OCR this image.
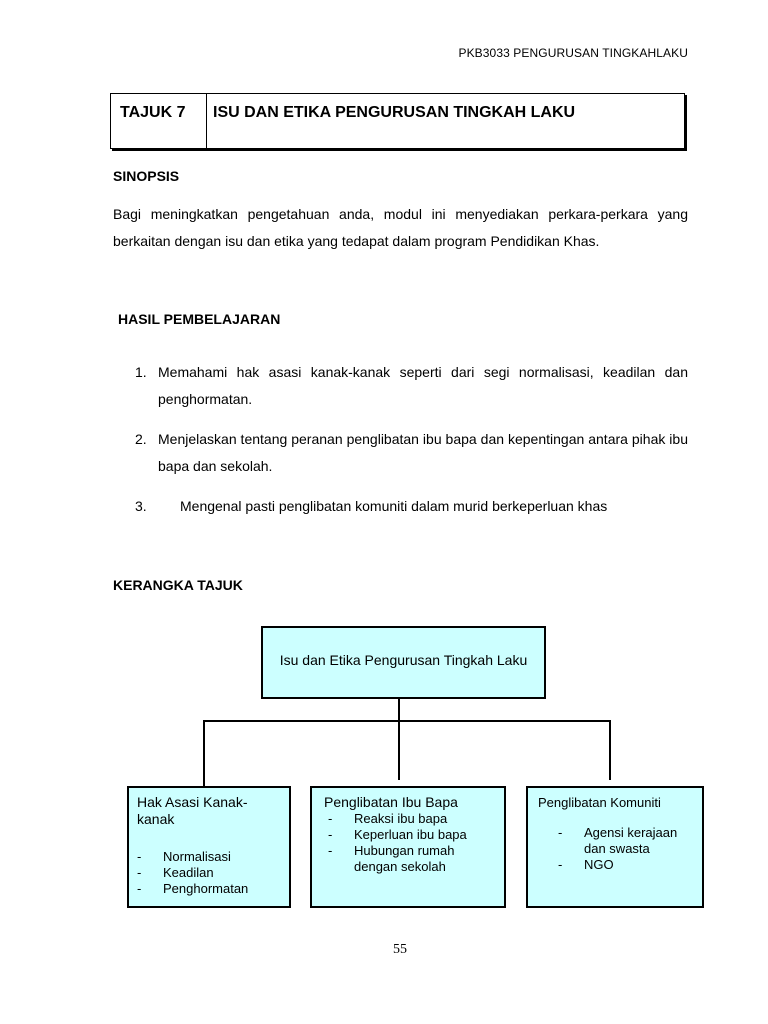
PKB3033 PENGURUSAN TINGKAHLAKU
TAJUK 7	ISU DAN ETIKA PENGURUSAN TINGKAH LAKU
SINOPSIS

Bagi meningkatkan pengetahuan anda, modul ini menyediakan perkara-perkara yang berkaitan dengan isu dan etika yang tedapat dalam program Pendidikan Khas.

HASIL PEMBELAJARAN
1. Memahami hak asasi kanak-kanak seperti dari segi normalisasi, keadilan dan penghormatan.
2. Menjelaskan tentang peranan penglibatan ibu bapa dan kepentingan antara pihak ibu bapa dan sekolah.
3. Mengenal pasti penglibatan komuniti dalam murid berkeperluan khas
KERANGKA TAJUK
Isu dan Etika Pengurusan Tingkah Laku
Hak Asasi Kanak-kanak
- Normalisasi
- Keadilan
- Penghormatan
Penglibatan Ibu Bapa
- Reaksi ibu bapa
- Keperluan ibu bapa
- Hubungan rumah dengan sekolah
Penglibatan Komuniti
- Agensi kerajaan dan swasta
- NGO
55
